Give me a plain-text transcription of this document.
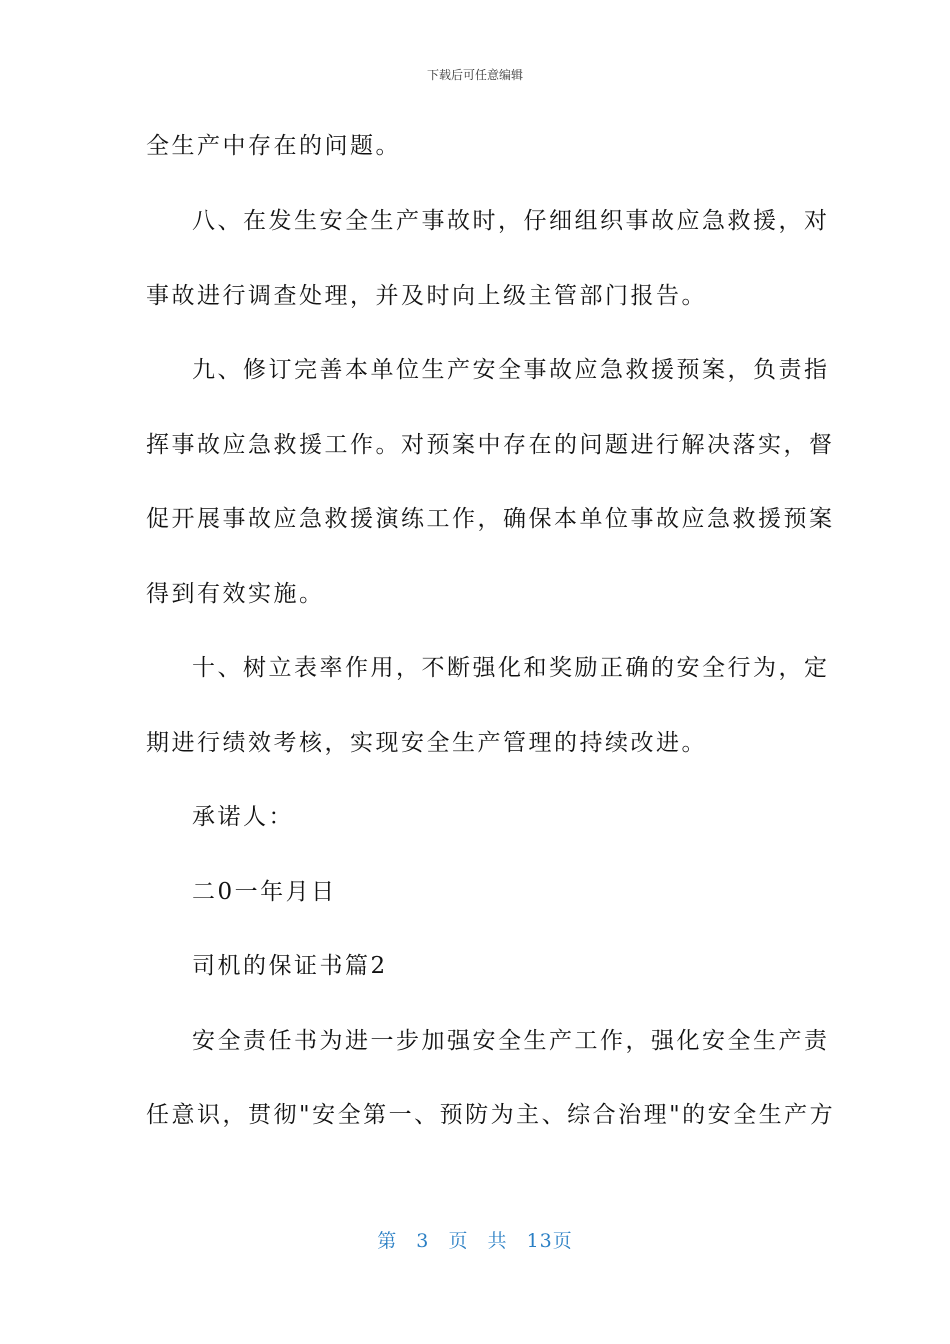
下载后可任意编辑
全生产中存在的问题。
八、在发生安全生产事故时，仔细组织事故应急救援，对
事故进行调查处理，并及时向上级主管部门报告。
九、修订完善本单位生产安全事故应急救援预案，负责指
挥事故应急救援工作。对预案中存在的问题进行解决落实，督
促开展事故应急救援演练工作，确保本单位事故应急救援预案
得到有效实施。
十、树立表率作用，不断强化和奖励正确的安全行为，定
期进行绩效考核，实现安全生产管理的持续改进。
承诺人：
二0一年月日
司机的保证书篇2
安全责任书为进一步加强安全生产工作，强化安全生产责
任意识，贯彻"安全第一、预防为主、综合治理"的安全生产方
第 3 页 共 13页
